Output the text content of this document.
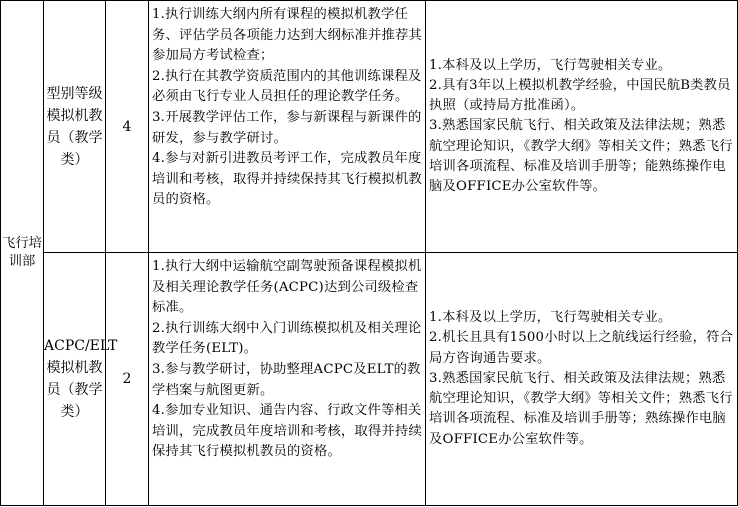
飞行培训部	型别等级模拟机教员（教学类）	4	1.执行训练大纲内所有课程的模拟机教学任务、评估学员各项能力达到大纲标准并推荐其参加局方考试检查；
2.执行在其教学资质范围内的其他训练课程及必须由飞行专业人员担任的理论教学任务。
3.开展教学评估工作，参与新课程与新课件的研发，参与教学研讨。
4.参与对新引进教员考评工作，完成教员年度培训和考核，取得并持续保持其飞行模拟机教员的资格。	1.本科及以上学历，飞行驾驶相关专业。
2.具有3年以上模拟机教学经验，中国民航B类教员执照（或持局方批准函）。
3.熟悉国家民航飞行、相关政策及法律法规；熟悉航空理论知识，《教学大纲》等相关文件；熟悉飞行培训各项流程、标准及培训手册等；能熟练操作电脑及OFFICE办公室软件等。

	ACPC/ELT模拟机教员（教学类）	2	1.执行大纲中运输航空副驾驶预备课程模拟机及相关理论教学任务(ACPC)达到公司级检查标准。
2.执行训练大纲中入门训练模拟机及相关理论教学任务(ELT)。
3.参与教学研讨，协助整理ACPC及ELT的教学档案与航图更新。
4.参加专业知识、通告内容、行政文件等相关培训，完成教员年度培训和考核，取得并持续保持其飞行模拟机教员的资格。	1.本科及以上学历，飞行驾驶相关专业。
2.机长且具有1500小时以上之航线运行经验，符合局方咨询通告要求。
3.熟悉国家民航飞行、相关政策及法律法规；熟悉航空理论知识，《教学大纲》等相关文件；熟悉飞行培训各项流程、标准及培训手册等；熟练操作电脑及OFFICE办公室软件等。
